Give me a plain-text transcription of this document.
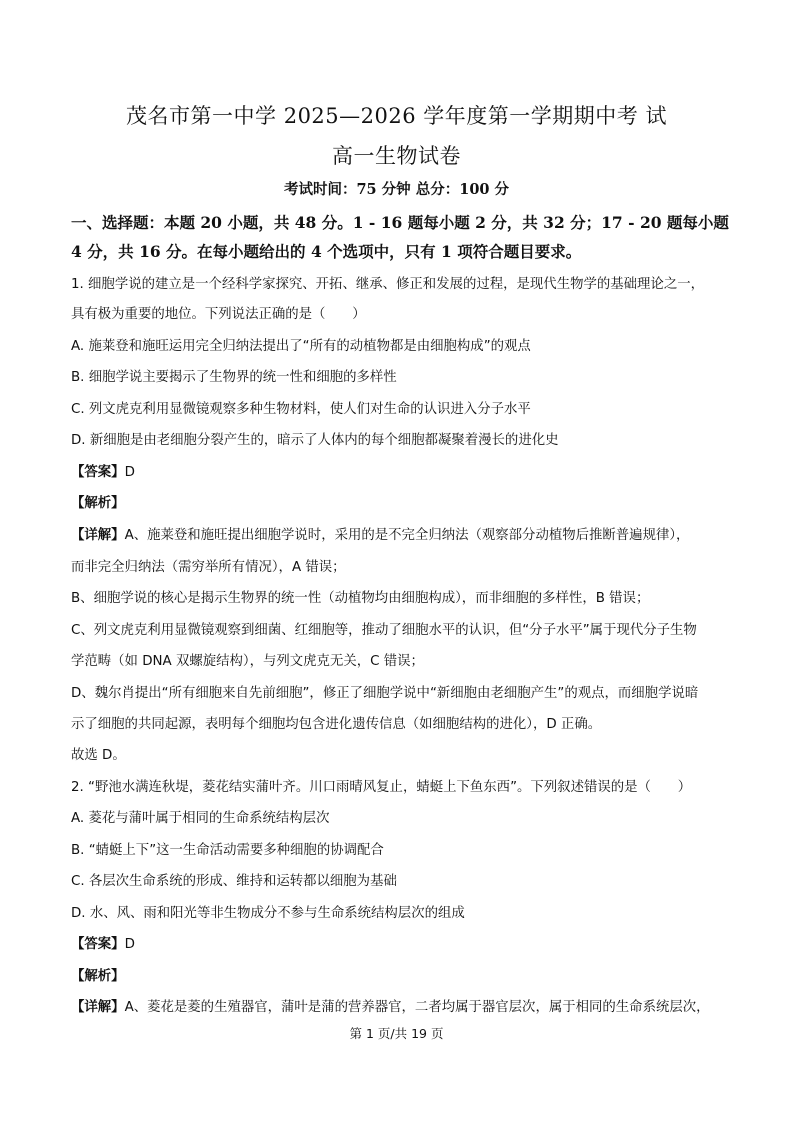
茂名市第一中学 2025—2026 学年度第一学期期中考 试
高一生物试卷
考试时间：75 分钟 总分：100 分
一、选择题：本题 20 小题，共 48 分。1 - 16 题每小题 2 分，共 32 分；17 - 20 题每小题
4 分，共 16 分。在每小题给出的 4 个选项中，只有 1 项符合题目要求。
1. 细胞学说的建立是一个经科学家探究、开拓、继承、修正和发展的过程，是现代生物学的基础理论之一，
具有极为重要的地位。下列说法正确的是（　　）
A. 施莱登和施旺运用完全归纳法提出了“所有的动植物都是由细胞构成”的观点
B. 细胞学说主要揭示了生物界的统一性和细胞的多样性
C. 列文虎克利用显微镜观察多种生物材料，使人们对生命的认识进入分子水平
D. 新细胞是由老细胞分裂产生的，暗示了人体内的每个细胞都凝聚着漫长的进化史
【答案】D
【解析】
【详解】A、施莱登和施旺提出细胞学说时，采用的是不完全归纳法（观察部分动植物后推断普遍规律），
而非完全归纳法（需穷举所有情况），A 错误；
B、细胞学说的核心是揭示生物界的统一性（动植物均由细胞构成），而非细胞的多样性，B 错误；
C、列文虎克利用显微镜观察到细菌、红细胞等，推动了细胞水平的认识，但“分子水平”属于现代分子生物
学范畴（如 DNA 双螺旋结构），与列文虎克无关，C 错误；
D、魏尔肖提出“所有细胞来自先前细胞”，修正了细胞学说中“新细胞由老细胞产生”的观点，而细胞学说暗
示了细胞的共同起源，表明每个细胞均包含进化遗传信息（如细胞结构的进化），D 正确。
故选 D。
2. “野池水满连秋堤，菱花结实蒲叶齐。川口雨晴风复止，蜻蜓上下鱼东西”。下列叙述错误的是（　　）
A. 菱花与蒲叶属于相同的生命系统结构层次
B. “蜻蜓上下”这一生命活动需要多种细胞的协调配合
C. 各层次生命系统的形成、维持和运转都以细胞为基础
D. 水、风、雨和阳光等非生物成分不参与生命系统结构层次的组成
【答案】D
【解析】
【详解】A、菱花是菱的生殖器官，蒲叶是蒲的营养器官，二者均属于器官层次，属于相同的生命系统层次，
第 1 页/共 19 页
